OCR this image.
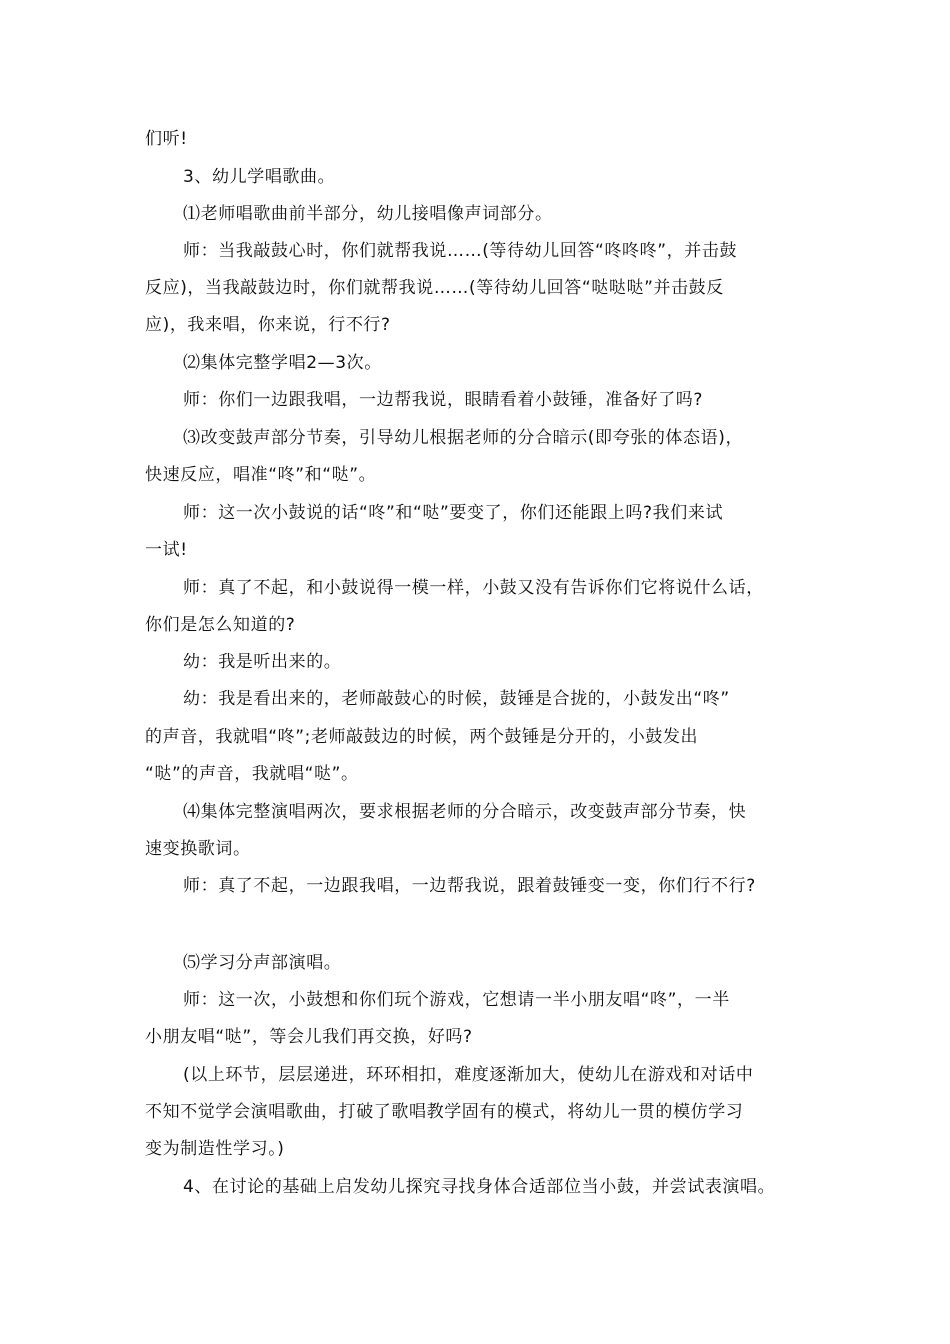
们听!
3、幼儿学唱歌曲。
⑴老师唱歌曲前半部分，幼儿接唱像声词部分。
师：当我敲鼓心时，你们就帮我说……(等待幼儿回答“咚咚咚”，并击鼓
反应)，当我敲鼓边时，你们就帮我说……(等待幼儿回答“哒哒哒”并击鼓反
应)，我来唱，你来说，行不行?
⑵集体完整学唱2—3次。
师：你们一边跟我唱，一边帮我说，眼睛看着小鼓锤，准备好了吗?
⑶改变鼓声部分节奏，引导幼儿根据老师的分合暗示(即夸张的体态语)，
快速反应，唱准“咚”和“哒”。
师：这一次小鼓说的话“咚”和“哒”要变了，你们还能跟上吗?我们来试
一试!
师：真了不起，和小鼓说得一模一样，小鼓又没有告诉你们它将说什么话，
你们是怎么知道的?
幼：我是听出来的。
幼：我是看出来的，老师敲鼓心的时候，鼓锤是合拢的，小鼓发出“咚”
的声音，我就唱“咚”;老师敲鼓边的时候，两个鼓锤是分开的，小鼓发出
“哒”的声音，我就唱“哒”。
⑷集体完整演唱两次，要求根据老师的分合暗示，改变鼓声部分节奏，快
速变换歌词。
师：真了不起，一边跟我唱，一边帮我说，跟着鼓锤变一变，你们行不行?
⑸学习分声部演唱。
师：这一次，小鼓想和你们玩个游戏，它想请一半小朋友唱“咚”，一半
小朋友唱“哒”，等会儿我们再交换，好吗?
(以上环节，层层递进，环环相扣，难度逐渐加大，使幼儿在游戏和对话中
不知不觉学会演唱歌曲，打破了歌唱教学固有的模式，将幼儿一贯的模仿学习
变为制造性学习。)
4、在讨论的基础上启发幼儿探究寻找身体合适部位当小鼓，并尝试表演唱。
